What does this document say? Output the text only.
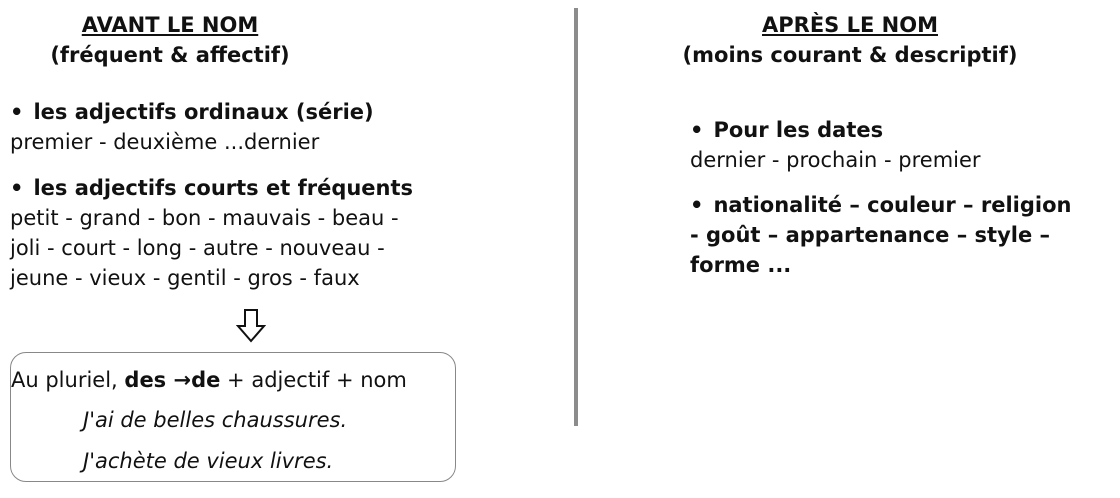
AVANT LE NOM
(fréquent & affectif)
APRÈS LE NOM
(moins courant & descriptif)
• les adjectifs ordinaux (série)
premier - deuxième ...dernier
• les adjectifs courts et fréquents
petit - grand - bon - mauvais - beau -
joli - court - long - autre - nouveau -
jeune - vieux - gentil - gros - faux
Au pluriel, des →de + adjectif + nom
J'ai de belles chaussures.
J'achète de vieux livres.
• Pour les dates
dernier - prochain - premier
• nationalité – couleur – religion
- goût – appartenance – style –
forme ...
